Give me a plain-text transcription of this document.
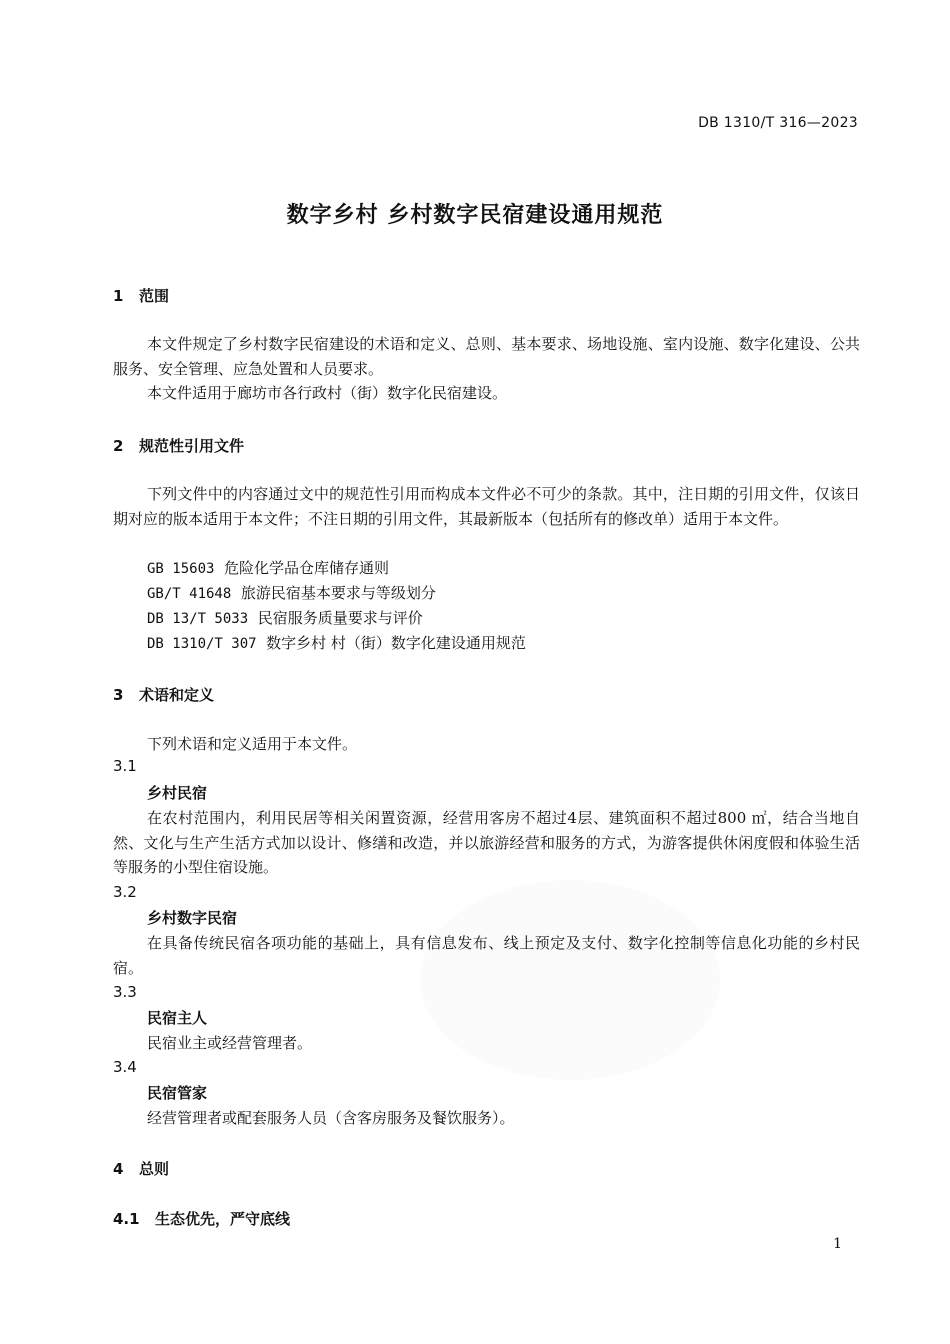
DB 1310/T 316—2023
数字乡村 乡村数字民宿建设通用规范
1 范围
本文件规定了乡村数字民宿建设的术语和定义、总则、基本要求、场地设施、室内设施、数字化建设、公共服务、安全管理、应急处置和人员要求。
本文件适用于廊坊市各行政村（街）数字化民宿建设。
2 规范性引用文件
下列文件中的内容通过文中的规范性引用而构成本文件必不可少的条款。其中，注日期的引用文件，仅该日期对应的版本适用于本文件；不注日期的引用文件，其最新版本（包括所有的修改单）适用于本文件。
GB 15603 危险化学品仓库储存通则
GB/T 41648 旅游民宿基本要求与等级划分
DB 13/T 5033 民宿服务质量要求与评价
DB 1310/T 307 数字乡村 村（街）数字化建设通用规范
3 术语和定义
下列术语和定义适用于本文件。
3.1
乡村民宿
在农村范围内，利用民居等相关闲置资源，经营用客房不超过4层、建筑面积不超过800 ㎡，结合当地自然、文化与生产生活方式加以设计、修缮和改造，并以旅游经营和服务的方式，为游客提供休闲度假和体验生活等服务的小型住宿设施。
3.2
乡村数字民宿
在具备传统民宿各项功能的基础上，具有信息发布、线上预定及支付、数字化控制等信息化功能的乡村民宿。
3.3
民宿主人
民宿业主或经营管理者。
3.4
民宿管家
经营管理者或配套服务人员（含客房服务及餐饮服务）。
4 总则
4.1 生态优先，严守底线
1
